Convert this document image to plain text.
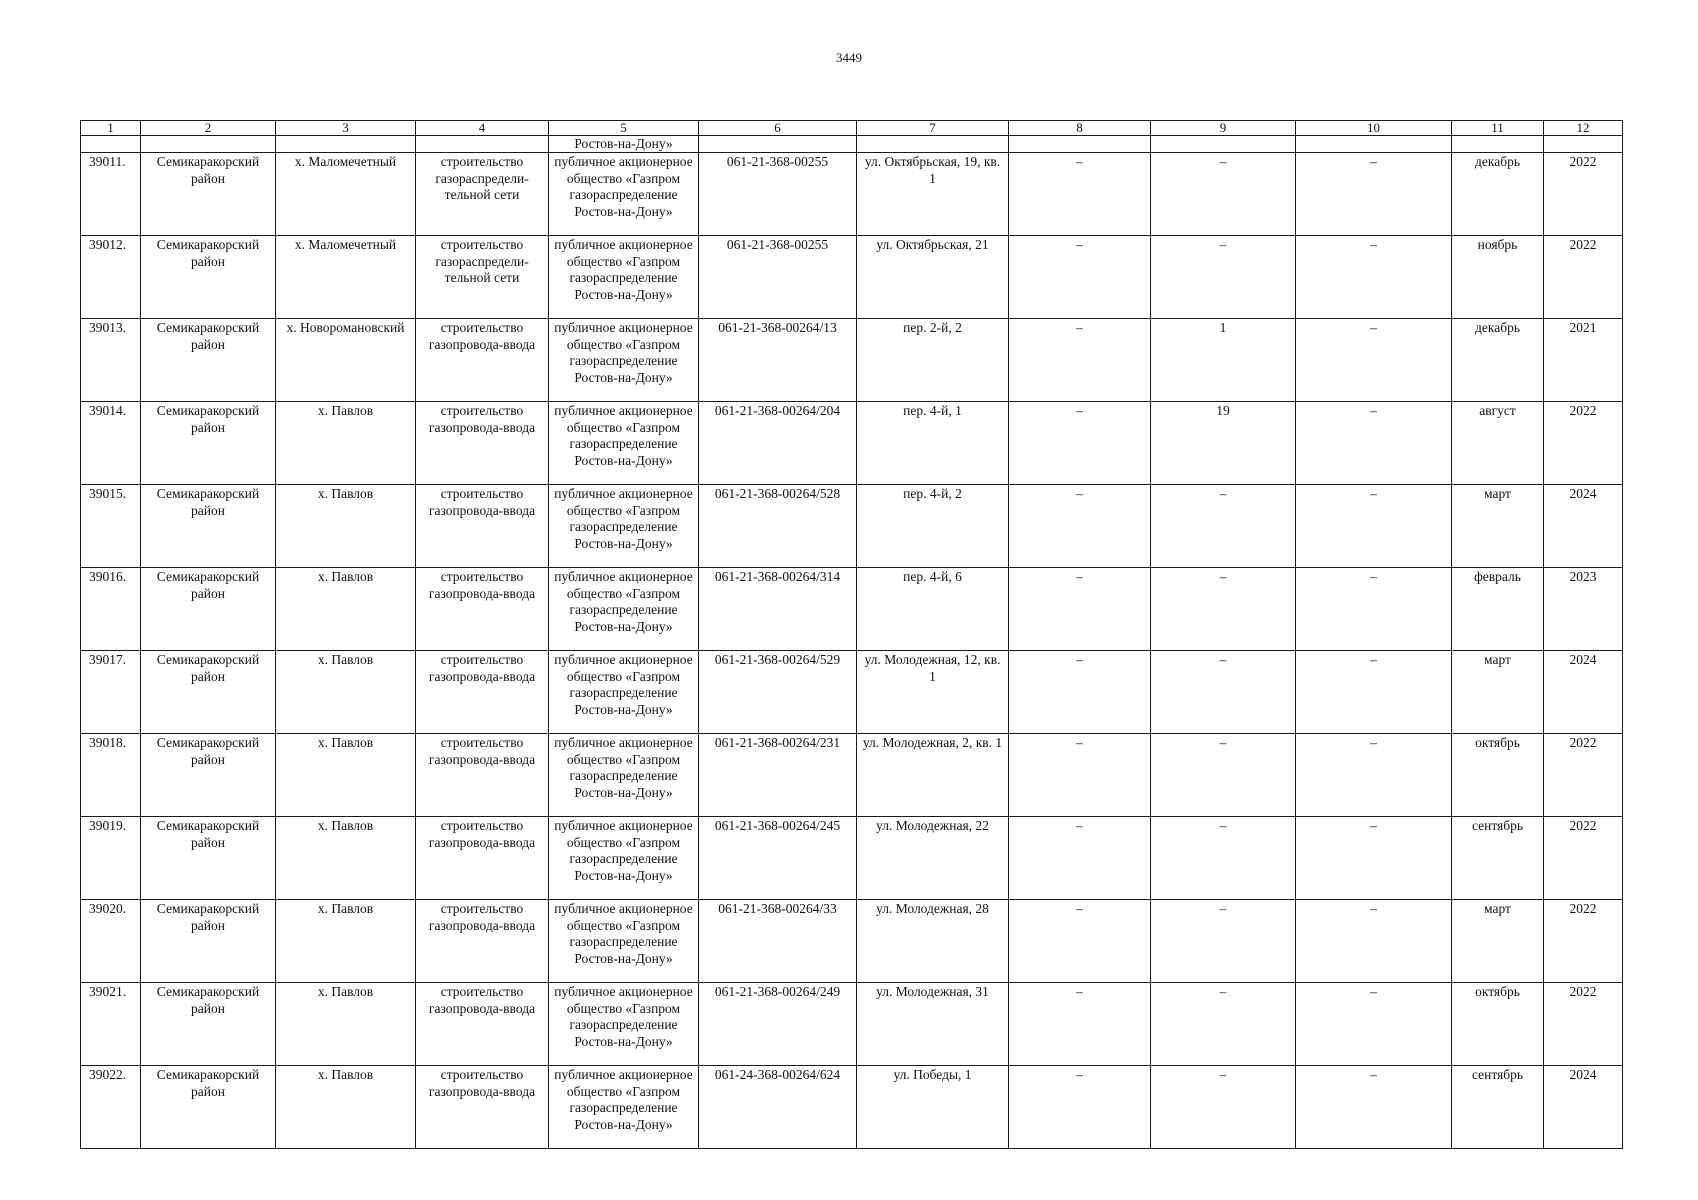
3449
1	2	3	4	5	6	7	8	9	10	11	12
				Ростов-на-Дону»							
39011.	Семикаракорский район	х. Маломечетный	строительство газораспредели-тельной сети	публичное акционерное общество «Газпром газораспределение Ростов-на-Дону»	061-21-368-00255	ул. Октябрьская, 19, кв. 1	–	–	–	декабрь	2022
39012.	Семикаракорский район	х. Маломечетный	строительство газораспредели-тельной сети	публичное акционерное общество «Газпром газораспределение Ростов-на-Дону»	061-21-368-00255	ул. Октябрьская, 21	–	–	–	ноябрь	2022
39013.	Семикаракорский район	х. Новоромановский	строительство газопровода-ввода	публичное акционерное общество «Газпром газораспределение Ростов-на-Дону»	061-21-368-00264/13	пер. 2-й, 2	–	1	–	декабрь	2021
39014.	Семикаракорский район	х. Павлов	строительство газопровода-ввода	публичное акционерное общество «Газпром газораспределение Ростов-на-Дону»	061-21-368-00264/204	пер. 4-й, 1	–	19	–	август	2022
39015.	Семикаракорский район	х. Павлов	строительство газопровода-ввода	публичное акционерное общество «Газпром газораспределение Ростов-на-Дону»	061-21-368-00264/528	пер. 4-й, 2	–	–	–	март	2024
39016.	Семикаракорский район	х. Павлов	строительство газопровода-ввода	публичное акционерное общество «Газпром газораспределение Ростов-на-Дону»	061-21-368-00264/314	пер. 4-й, 6	–	–	–	февраль	2023
39017.	Семикаракорский район	х. Павлов	строительство газопровода-ввода	публичное акционерное общество «Газпром газораспределение Ростов-на-Дону»	061-21-368-00264/529	ул. Молодежная, 12, кв. 1	–	–	–	март	2024
39018.	Семикаракорский район	х. Павлов	строительство газопровода-ввода	публичное акционерное общество «Газпром газораспределение Ростов-на-Дону»	061-21-368-00264/231	ул. Молодежная, 2, кв. 1	–	–	–	октябрь	2022
39019.	Семикаракорский район	х. Павлов	строительство газопровода-ввода	публичное акционерное общество «Газпром газораспределение Ростов-на-Дону»	061-21-368-00264/245	ул. Молодежная, 22	–	–	–	сентябрь	2022
39020.	Семикаракорский район	х. Павлов	строительство газопровода-ввода	публичное акционерное общество «Газпром газораспределение Ростов-на-Дону»	061-21-368-00264/33	ул. Молодежная, 28	–	–	–	март	2022
39021.	Семикаракорский район	х. Павлов	строительство газопровода-ввода	публичное акционерное общество «Газпром газораспределение Ростов-на-Дону»	061-21-368-00264/249	ул. Молодежная, 31	–	–	–	октябрь	2022
39022.	Семикаракорский район	х. Павлов	строительство газопровода-ввода	публичное акционерное общество «Газпром газораспределение Ростов-на-Дону»	061-24-368-00264/624	ул. Победы, 1	–	–	–	сентябрь	2024
